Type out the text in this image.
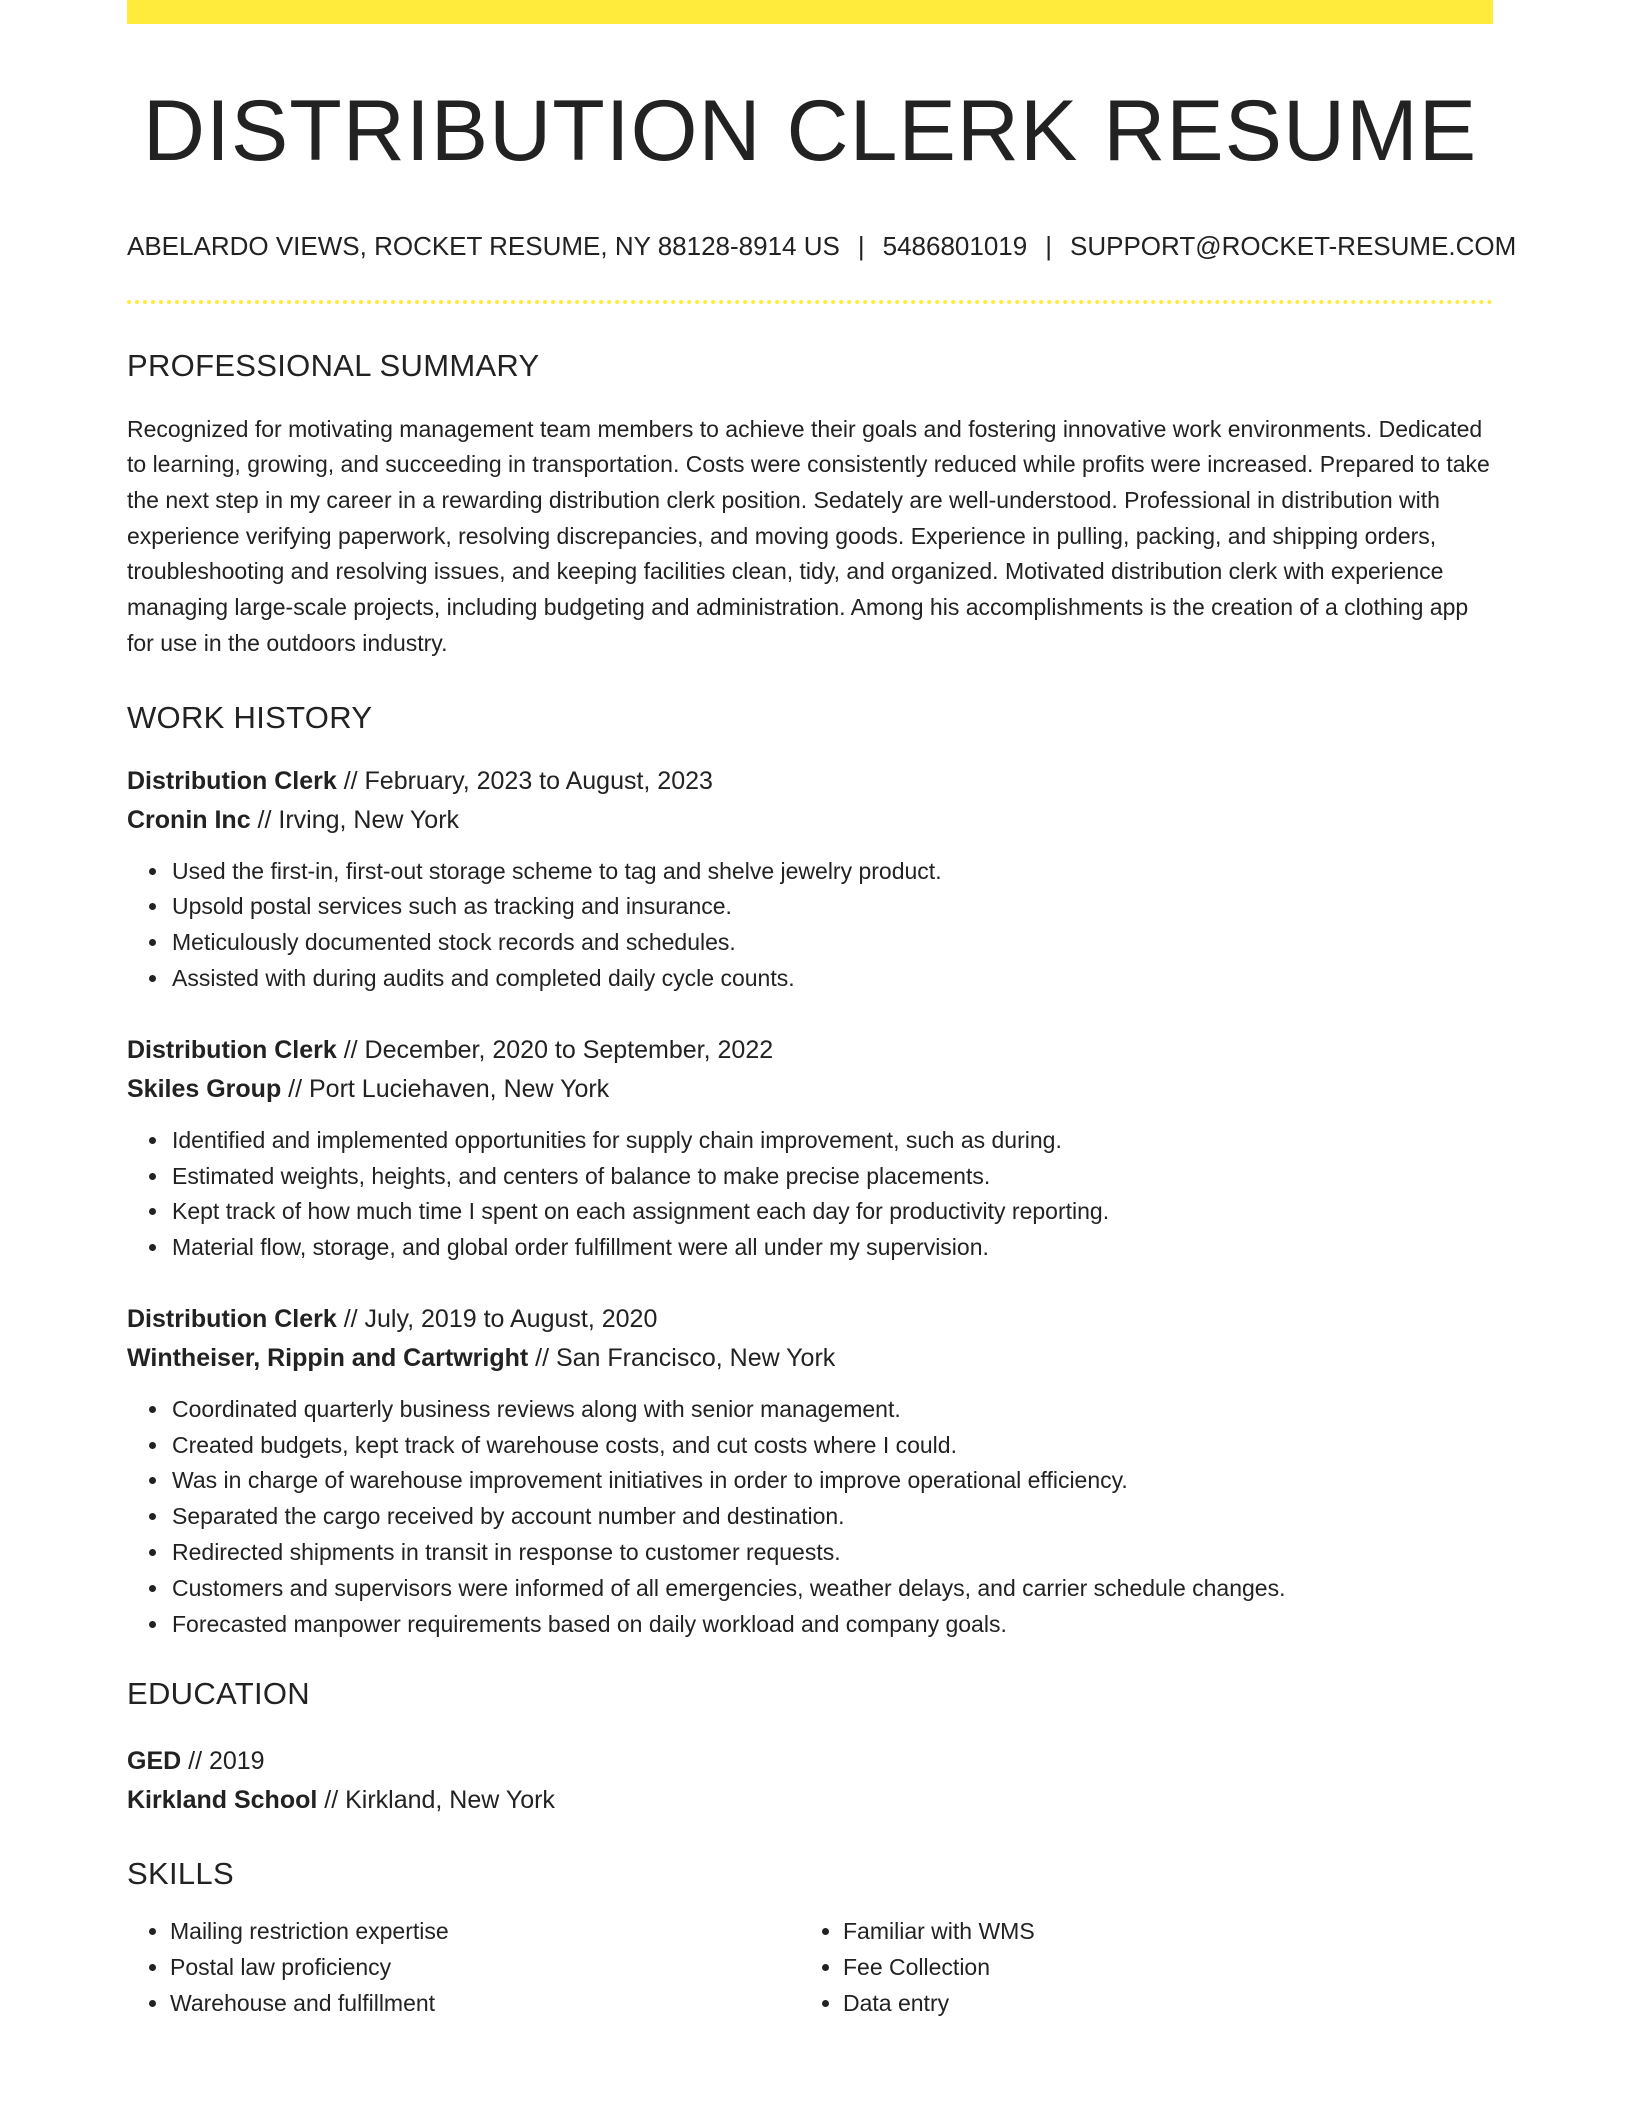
DISTRIBUTION CLERK RESUME
ABELARDO VIEWS, ROCKET RESUME, NY 88128-8914 US | 5486801019 | SUPPORT@ROCKET-RESUME.COM
PROFESSIONAL SUMMARY
Recognized for motivating management team members to achieve their goals and fostering innovative work environments. Dedicated to learning, growing, and succeeding in transportation. Costs were consistently reduced while profits were increased. Prepared to take the next step in my career in a rewarding distribution clerk position. Sedately are well-understood. Professional in distribution with experience verifying paperwork, resolving discrepancies, and moving goods. Experience in pulling, packing, and shipping orders, troubleshooting and resolving issues, and keeping facilities clean, tidy, and organized. Motivated distribution clerk with experience managing large-scale projects, including budgeting and administration. Among his accomplishments is the creation of a clothing app for use in the outdoors industry.
WORK HISTORY
Distribution Clerk // February, 2023 to August, 2023
Cronin Inc // Irving, New York
• Used the first-in, first-out storage scheme to tag and shelve jewelry product.
• Upsold postal services such as tracking and insurance.
• Meticulously documented stock records and schedules.
• Assisted with during audits and completed daily cycle counts.
Distribution Clerk // December, 2020 to September, 2022
Skiles Group // Port Luciehaven, New York
• Identified and implemented opportunities for supply chain improvement, such as during.
• Estimated weights, heights, and centers of balance to make precise placements.
• Kept track of how much time I spent on each assignment each day for productivity reporting.
• Material flow, storage, and global order fulfillment were all under my supervision.
Distribution Clerk // July, 2019 to August, 2020
Wintheiser, Rippin and Cartwright // San Francisco, New York
• Coordinated quarterly business reviews along with senior management.
• Created budgets, kept track of warehouse costs, and cut costs where I could.
• Was in charge of warehouse improvement initiatives in order to improve operational efficiency.
• Separated the cargo received by account number and destination.
• Redirected shipments in transit in response to customer requests.
• Customers and supervisors were informed of all emergencies, weather delays, and carrier schedule changes.
• Forecasted manpower requirements based on daily workload and company goals.
EDUCATION
GED // 2019
Kirkland School // Kirkland, New York
SKILLS
• Mailing restriction expertise
• Postal law proficiency
• Warehouse and fulfillment
• Familiar with WMS
• Fee Collection
• Data entry
